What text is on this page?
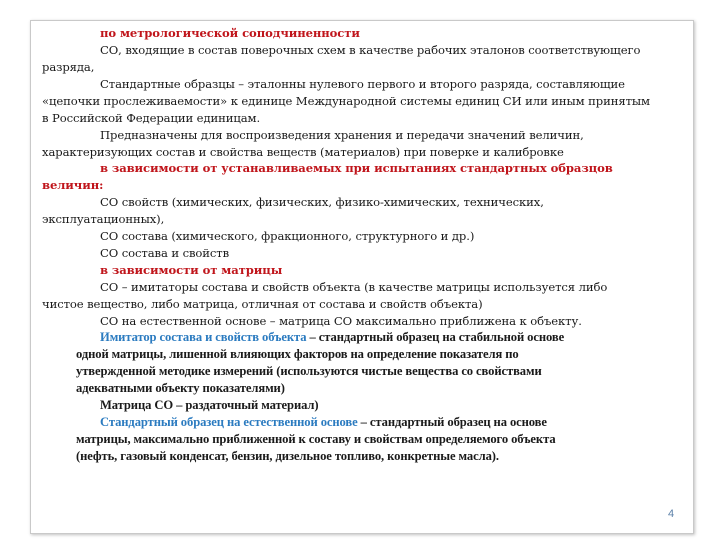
по метрологической соподчиненности
СО, входящие в состав поверочных схем в качестве рабочих эталонов соответствующего
разряда,
Стандартные образцы – эталонны нулевого первого и второго разряда, составляющие
«цепочки прослеживаемости» к единице Международной системы единиц СИ или иным принятым
в Российской Федерации единицам.
Предназначены для воспроизведения хранения и передачи значений величин,
характеризующих состав и свойства веществ (материалов) при поверке и калибровке
в зависимости от устанавливаемых при испытаниях стандартных образцов
величин:
СО свойств (химических, физических, физико-химических, технических,
эксплуатационных),
СО состава (химического, фракционного, структурного и др.)
СО состава и свойств
в зависимости от матрицы
СО – имитаторы состава и свойств объекта (в качестве матрицы используется либо
чистое вещество, либо матрица, отличная от состава и свойств объекта)
СО на естественной основе – матрица СО максимально приближена к объекту.
Имитатор состава и свойств объекта – стандартный образец на стабильной основе
одной матрицы, лишенной влияющих факторов на определение показателя по
утвержденной методике измерений (используются чистые вещества со свойствами
адекватными объекту показателями)
Матрица СО – раздаточный материал)
Стандартный образец на естественной основе – стандартный образец на основе
матрицы, максимально приближенной к составу и свойствам определяемого объекта
(нефть, газовый конденсат, бензин, дизельное топливо, конкретные масла).
4
